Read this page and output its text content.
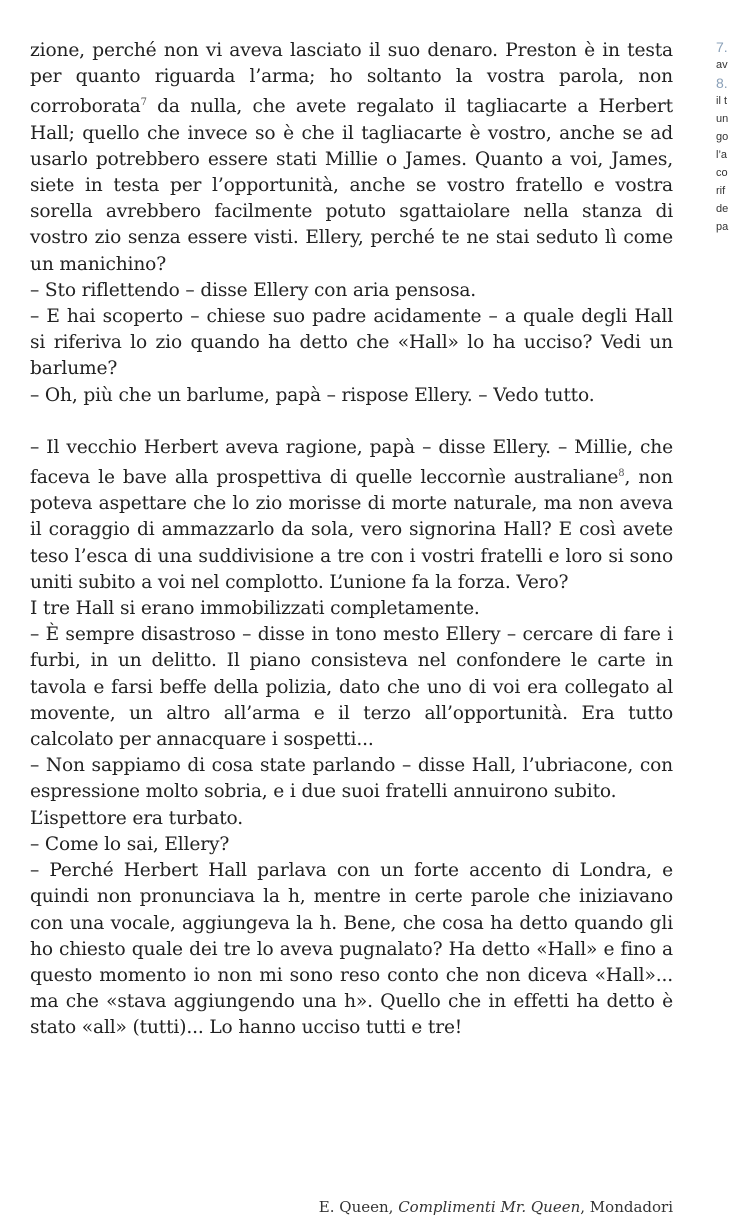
zione, perché non vi aveva lasciato il suo denaro. Preston è in testa per quanto riguarda l’arma; ho soltanto la vostra parola, non corroborata$^7$ da nulla, che avete regalato il tagliacarte a Herbert Hall; quello che invece so è che il tagliacarte è vostro, anche se ad usarlo potrebbero essere stati Millie o James. Quanto a voi, James, siete in testa per l’opportunità, anche se vostro fratello e vostra sorella avrebbero facilmente potuto sgattaiolare nella stanza di vostro zio senza essere visti. Ellery, perché te ne stai seduto lì come un manichino?

– Sto riflettendo – disse Ellery con aria pensosa.

– E hai scoperto – chiese suo padre acidamente – a quale degli Hall si riferiva lo zio quando ha detto che «Hall» lo ha ucciso? Vedi un barlume?

– Oh, più che un barlume, papà – rispose Ellery. – Vedo tutto.

– Il vecchio Herbert aveva ragione, papà – disse Ellery. – Millie, che faceva le bave alla prospettiva di quelle leccornìe australiane$^8$, non poteva aspettare che lo zio morisse di morte naturale, ma non aveva il coraggio di ammazzarlo da sola, vero signorina Hall? E così avete teso l’esca di una suddivisione a tre con i vostri fratelli e loro si sono uniti subito a voi nel complotto. L’unione fa la forza. Vero?

I tre Hall si erano immobilizzati completamente.

– È sempre disastroso – disse in tono mesto Ellery – cercare di fare i furbi, in un delitto. Il piano consisteva nel confondere le carte in tavola e farsi beffe della polizia, dato che uno di voi era collegato al movente, un altro all’arma e il terzo all’opportunità. Era tutto calcolato per annacquare i sospetti...

– Non sappiamo di cosa state parlando – disse Hall, l’ubriacone, con espressione molto sobria, e i due suoi fratelli annuirono subito.

L’ispettore era turbato.

– Come lo sai, Ellery?

– Perché Herbert Hall parlava con un forte accento di Londra, e quindi non pronunciava la h, mentre in certe parole che iniziavano con una vocale, aggiungeva la h. Bene, che cosa ha detto quando gli ho chiesto quale dei tre lo aveva pugnalato? Ha detto «Hall» e fino a questo momento io non mi sono reso conto che non diceva «Hall»... ma che «stava aggiungendo una h». Quello che in effetti ha detto è stato «all» (tutti)... Lo hanno ucciso tutti e tre!

E. Queen, Complimenti Mr. Queen, Mondadori
7.
av
8.
il t
un
go
l’a
co
rif
de
pa
